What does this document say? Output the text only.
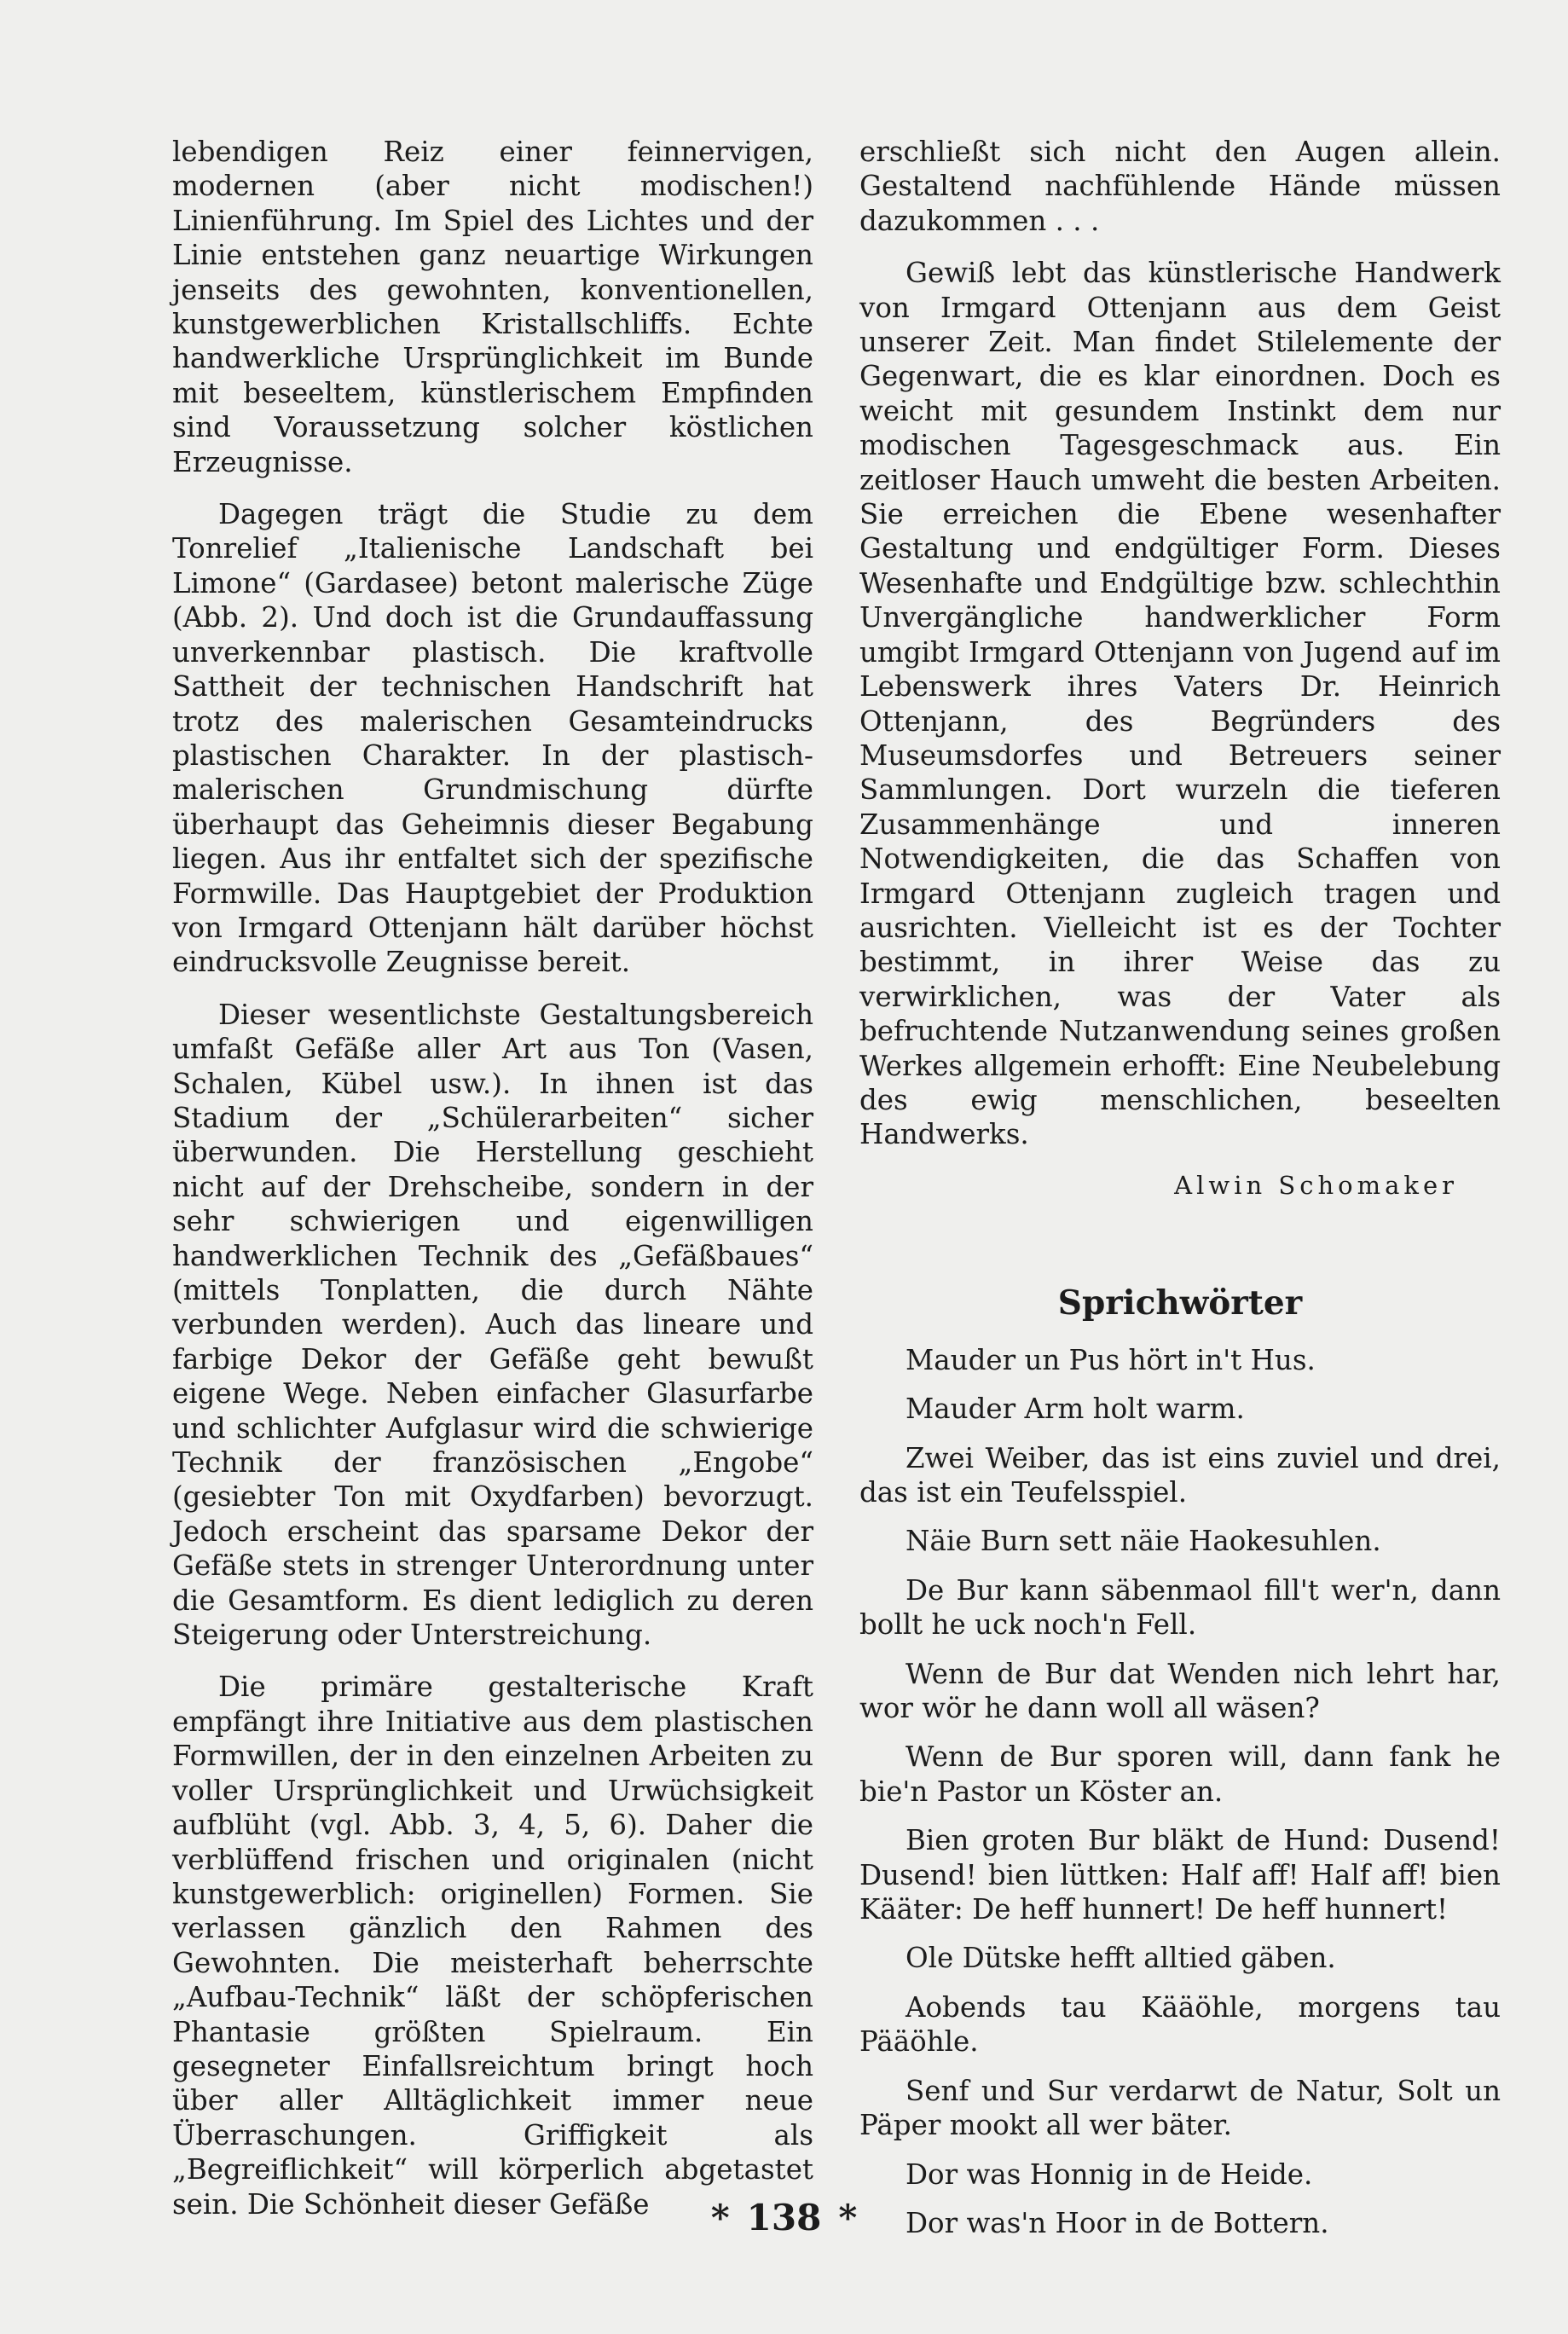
lebendigen Reiz einer feinnervigen, modernen (aber nicht modischen!) Linienführung. Im Spiel des Lichtes und der Linie entstehen ganz neuartige Wirkungen jenseits des gewohnten, konventionellen, kunstgewerblichen Kristallschliffs. Echte handwerkliche Ursprünglichkeit im Bunde mit beseeltem, künstlerischem Empfinden sind Voraussetzung solcher köstlichen Erzeugnisse.

Dagegen trägt die Studie zu dem Tonrelief „Italienische Landschaft bei Limone“ (Gardasee) betont malerische Züge (Abb. 2). Und doch ist die Grundauffassung unverkennbar plastisch. Die kraftvolle Sattheit der technischen Handschrift hat trotz des malerischen Gesamteindrucks plastischen Charakter. In der plastisch-malerischen Grundmischung dürfte überhaupt das Geheimnis dieser Begabung liegen. Aus ihr entfaltet sich der spezifische Formwille. Das Hauptgebiet der Produktion von Irmgard Ottenjann hält darüber höchst eindrucksvolle Zeugnisse bereit.

Dieser wesentlichste Gestaltungsbereich umfaßt Gefäße aller Art aus Ton (Vasen, Schalen, Kübel usw.). In ihnen ist das Stadium der „Schülerarbeiten“ sicher überwunden. Die Herstellung geschieht nicht auf der Drehscheibe, sondern in der sehr schwierigen und eigenwilligen handwerklichen Technik des „Gefäßbaues“ (mittels Tonplatten, die durch Nähte verbunden werden). Auch das lineare und farbige Dekor der Gefäße geht bewußt eigene Wege. Neben einfacher Glasurfarbe und schlichter Aufglasur wird die schwierige Technik der französischen „Engobe“ (gesiebter Ton mit Oxydfarben) bevorzugt. Jedoch erscheint das sparsame Dekor der Gefäße stets in strenger Unterordnung unter die Gesamtform. Es dient lediglich zu deren Steigerung oder Unterstreichung.

Die primäre gestalterische Kraft empfängt ihre Initiative aus dem plastischen Formwillen, der in den einzelnen Arbeiten zu voller Ursprünglichkeit und Urwüchsigkeit aufblüht (vgl. Abb. 3, 4, 5, 6). Daher die verblüffend frischen und originalen (nicht kunstgewerblich: originellen) Formen. Sie verlassen gänzlich den Rahmen des Gewohnten. Die meisterhaft beherrschte „Aufbau-Technik“ läßt der schöpferischen Phantasie größten Spielraum. Ein gesegneter Einfallsreichtum bringt hoch über aller Alltäglichkeit immer neue Überraschungen. Griffigkeit als „Begreiflichkeit“ will körperlich abgetastet sein. Die Schönheit dieser Gefäße

erschließt sich nicht den Augen allein. Gestaltend nachfühlende Hände müssen dazukommen . . .

Gewiß lebt das künstlerische Handwerk von Irmgard Ottenjann aus dem Geist unserer Zeit. Man findet Stilelemente der Gegenwart, die es klar einordnen. Doch es weicht mit gesundem Instinkt dem nur modischen Tagesgeschmack aus. Ein zeitloser Hauch umweht die besten Arbeiten. Sie erreichen die Ebene wesenhafter Gestaltung und endgültiger Form. Dieses Wesenhafte und Endgültige bzw. schlechthin Unvergängliche handwerklicher Form umgibt Irmgard Ottenjann von Jugend auf im Lebenswerk ihres Vaters Dr. Heinrich Ottenjann, des Begründers des Museumsdorfes und Betreuers seiner Sammlungen. Dort wurzeln die tieferen Zusammenhänge und inneren Notwendigkeiten, die das Schaffen von Irmgard Ottenjann zugleich tragen und ausrichten. Vielleicht ist es der Tochter bestimmt, in ihrer Weise das zu verwirklichen, was der Vater als befruchtende Nutzanwendung seines großen Werkes allgemein erhofft: Eine Neubelebung des ewig menschlichen, beseelten Handwerks.

Alwin Schomaker
Sprichwörter

Mauder un Pus hört in't Hus.

Mauder Arm holt warm.

Zwei Weiber, das ist eins zuviel und drei, das ist ein Teufelsspiel.

Näie Burn sett näie Haokesuhlen.

De Bur kann säbenmaol fill't wer'n, dann bollt he uck noch'n Fell.

Wenn de Bur dat Wenden nich lehrt har, wor wör he dann woll all wäsen?

Wenn de Bur sporen will, dann fank he bie'n Pastor un Köster an.

Bien groten Bur bläkt de Hund: Dusend! Dusend! bien lüttken: Half aff! Half aff! bien Kääter: De heff hunnert! De heff hunnert!

Ole Dütske hefft alltied gäben.

Aobends tau Kääöhle, morgens tau Pääöhle.

Senf und Sur verdarwt de Natur, Solt un Päper mookt all wer bäter.

Dor was Honnig in de Heide.

Dor was'n Hoor in de Bottern.

* 138 *
